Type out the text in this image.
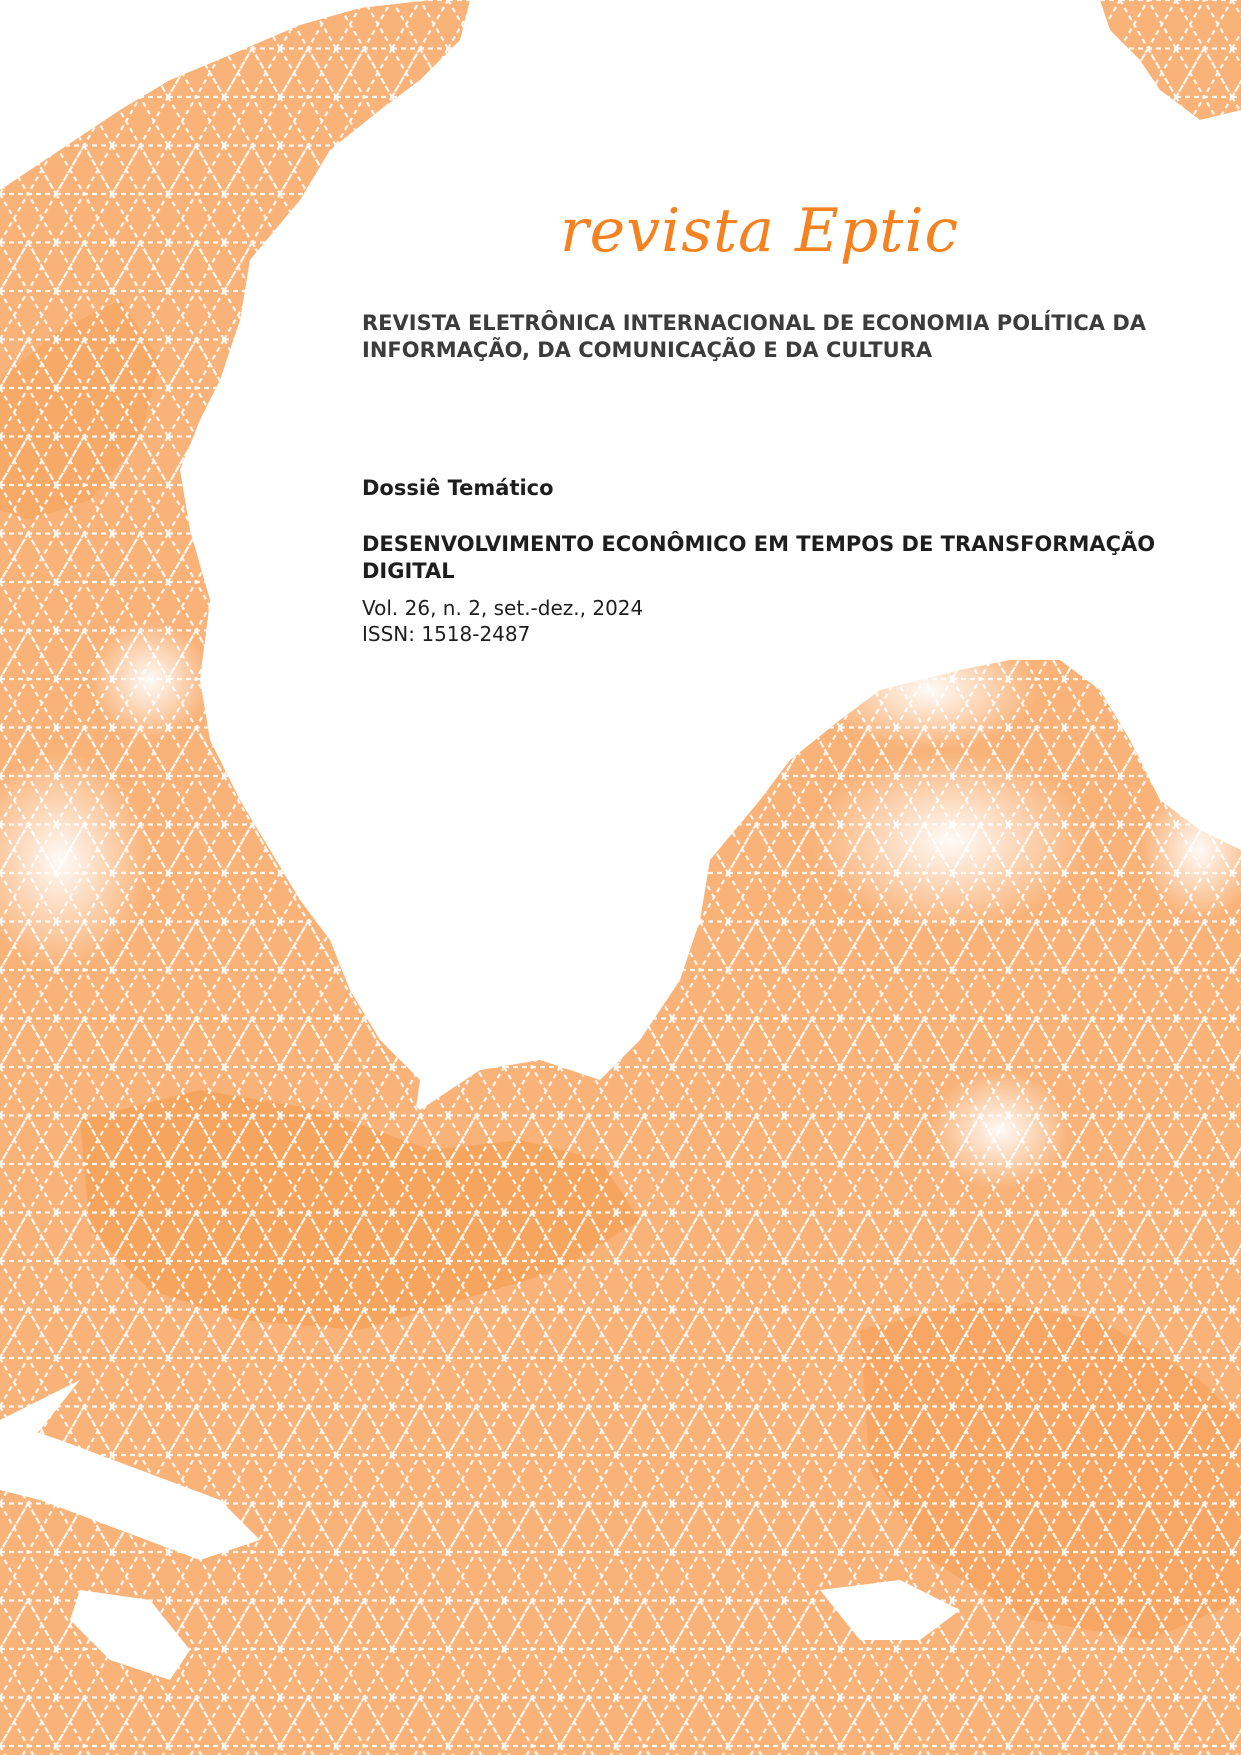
revista Eptic
REVISTA ELETRÔNICA INTERNACIONAL DE ECONOMIA POLÍTICA DA INFORMAÇÃO, DA COMUNICAÇÃO E DA CULTURA
Dossiê Temático
DESENVOLVIMENTO ECONÔMICO EM TEMPOS DE TRANSFORMAÇÃO DIGITAL
Vol. 26, n. 2, set.-dez., 2024
ISSN: 1518-2487
